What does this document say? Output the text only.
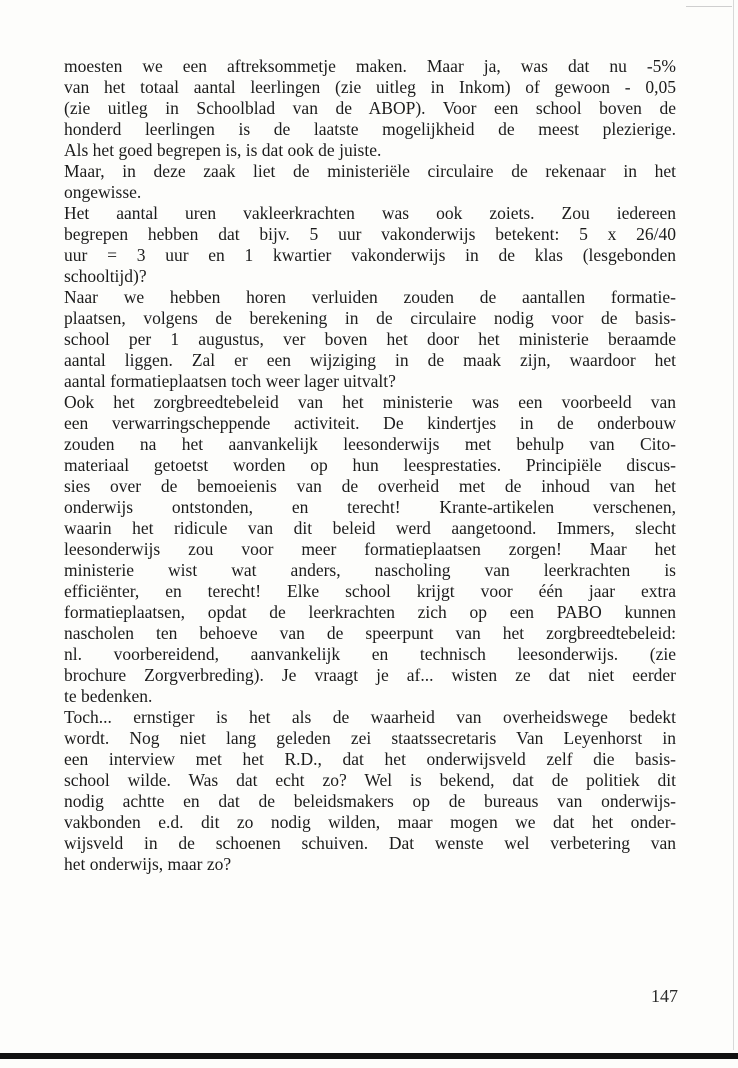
moesten we een aftreksommetje maken. Maar ja, was dat nu -5%
van het totaal aantal leerlingen (zie uitleg in Inkom) of gewoon - 0,05
(zie uitleg in Schoolblad van de ABOP). Voor een school boven de
honderd leerlingen is de laatste mogelijkheid de meest plezierige.
Als het goed begrepen is, is dat ook de juiste.
Maar, in deze zaak liet de ministeriële circulaire de rekenaar in het
ongewisse.
Het aantal uren vakleerkrachten was ook zoiets. Zou iedereen
begrepen hebben dat bijv. 5 uur vakonderwijs betekent: 5 x 26/40
uur = 3 uur en 1 kwartier vakonderwijs in de klas (lesgebonden
schooltijd)?
Naar we hebben horen verluiden zouden de aantallen formatie-
plaatsen, volgens de berekening in de circulaire nodig voor de basis-
school per 1 augustus, ver boven het door het ministerie beraamde
aantal liggen. Zal er een wijziging in de maak zijn, waardoor het
aantal formatieplaatsen toch weer lager uitvalt?
Ook het zorgbreedtebeleid van het ministerie was een voorbeeld van
een verwarringscheppende activiteit. De kindertjes in de onderbouw
zouden na het aanvankelijk leesonderwijs met behulp van Cito-
materiaal getoetst worden op hun leesprestaties. Principiële discus-
sies over de bemoeienis van de overheid met de inhoud van het
onderwijs ontstonden, en terecht! Krante-artikelen verschenen,
waarin het ridicule van dit beleid werd aangetoond. Immers, slecht
leesonderwijs zou voor meer formatieplaatsen zorgen! Maar het
ministerie wist wat anders, nascholing van leerkrachten is
efficiënter, en terecht! Elke school krijgt voor één jaar extra
formatieplaatsen, opdat de leerkrachten zich op een PABO kunnen
nascholen ten behoeve van de speerpunt van het zorgbreedtebeleid:
nl. voorbereidend, aanvankelijk en technisch leesonderwijs. (zie
brochure Zorgverbreding). Je vraagt je af... wisten ze dat niet eerder
te bedenken.
Toch... ernstiger is het als de waarheid van overheidswege bedekt
wordt. Nog niet lang geleden zei staatssecretaris Van Leyenhorst in
een interview met het R.D., dat het onderwijsveld zelf die basis-
school wilde. Was dat echt zo? Wel is bekend, dat de politiek dit
nodig achtte en dat de beleidsmakers op de bureaus van onderwijs-
vakbonden e.d. dit zo nodig wilden, maar mogen we dat het onder-
wijsveld in de schoenen schuiven. Dat wenste wel verbetering van
het onderwijs, maar zo?
147
